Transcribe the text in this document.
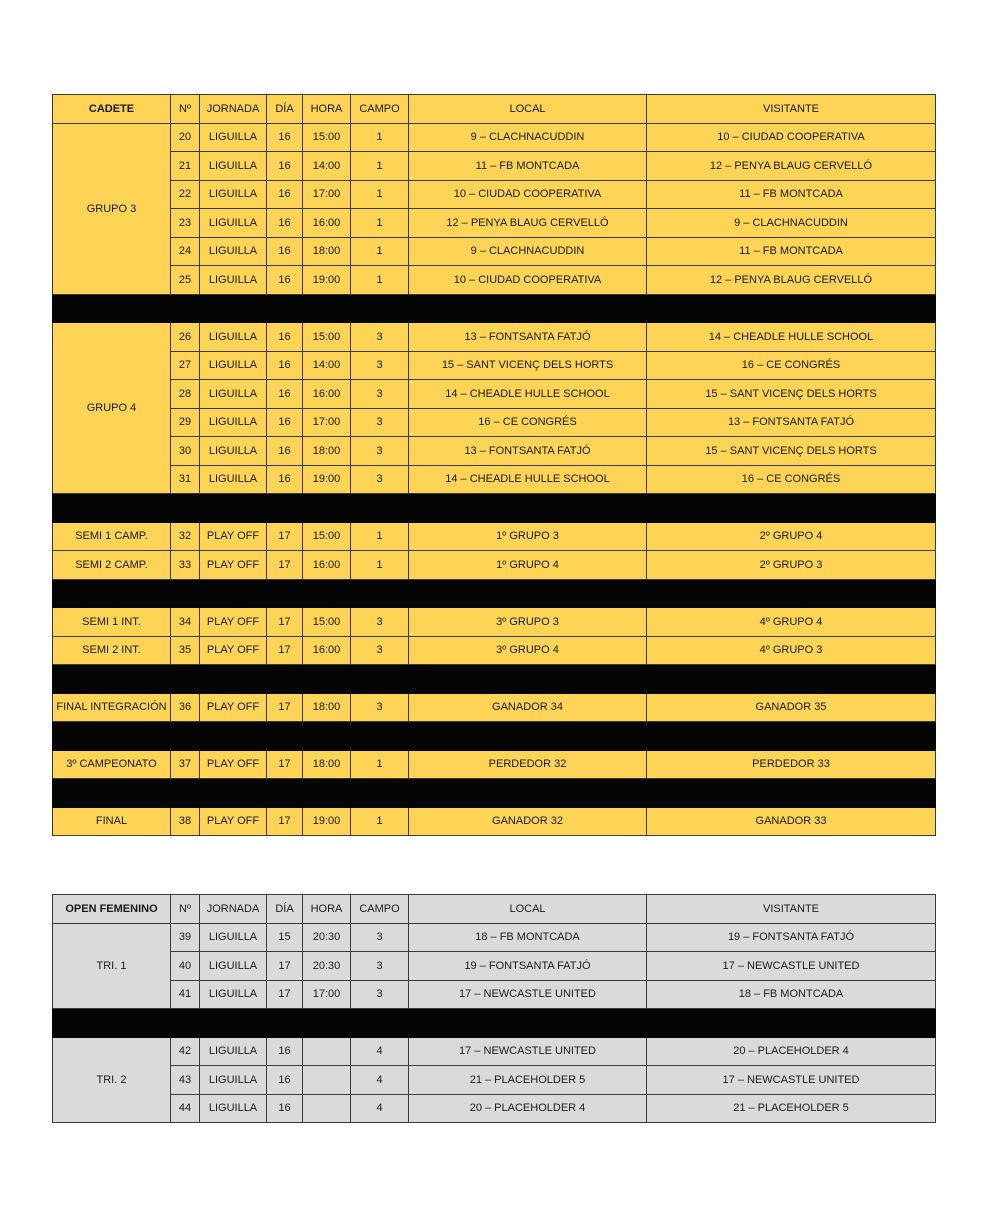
CADETE	Nº	JORNADA	DÍA	HORA	CAMPO	LOCAL	VISITANTE
GRUPO 3	20	LIGUILLA	16	15:00	1	9 – CLACHNACUDDIN	10 – CIUDAD COOPERATIVA
	21	LIGUILLA	16	14:00	1	11 – FB MONTCADA	12 – PENYA BLAUG CERVELLÓ
	22	LIGUILLA	16	17:00	1	10 – CIUDAD COOPERATIVA	11 – FB MONTCADA
	23	LIGUILLA	16	16:00	1	12 – PENYA BLAUG CERVELLÓ	9 – CLACHNACUDDIN
	24	LIGUILLA	16	18:00	1	9 – CLACHNACUDDIN	11 – FB MONTCADA
	25	LIGUILLA	16	19:00	1	10 – CIUDAD COOPERATIVA	12 – PENYA BLAUG CERVELLÓ

GRUPO 4	26	LIGUILLA	16	15:00	3	13 – FONTSANTA FATJÓ	14 – CHEADLE HULLE SCHOOL
	27	LIGUILLA	16	14:00	3	15 – SANT VICENÇ DELS HORTS	16 – CE CONGRÉS
	28	LIGUILLA	16	16:00	3	14 – CHEADLE HULLE SCHOOL	15 – SANT VICENÇ DELS HORTS
	29	LIGUILLA	16	17:00	3	16 – CE CONGRÉS	13 – FONTSANTA FATJÓ
	30	LIGUILLA	16	18:00	3	13 – FONTSANTA FATJÓ	15 – SANT VICENÇ DELS HORTS
	31	LIGUILLA	16	19:00	3	14 – CHEADLE HULLE SCHOOL	16 – CE CONGRÉS

SEMI 1 CAMP.	32	PLAY OFF	17	15:00	1	1º GRUPO 3	2º GRUPO 4
SEMI 2 CAMP.	33	PLAY OFF	17	16:00	1	1º GRUPO 4	2º GRUPO 3

SEMI 1 INT.	34	PLAY OFF	17	15:00	3	3º GRUPO 3	4º GRUPO 4
SEMI 2 INT.	35	PLAY OFF	17	16:00	3	3º GRUPO 4	4º GRUPO 3

FINAL INTEGRACIÓN	36	PLAY OFF	17	18:00	3	GANADOR 34	GANADOR 35

3º CAMPEONATO	37	PLAY OFF	17	18:00	1	PERDEDOR 32	PERDEDOR 33

FINAL	38	PLAY OFF	17	19:00	1	GANADOR 32	GANADOR 33
OPEN FEMENINO	Nº	JORNADA	DÍA	HORA	CAMPO	LOCAL	VISITANTE
TRI. 1	39	LIGUILLA	15	20:30	3	18 – FB MONTCADA	19 – FONTSANTA FATJÓ
	40	LIGUILLA	17	20:30	3	19 – FONTSANTA FATJÓ	17 – NEWCASTLE UNITED
	41	LIGUILLA	17	17:00	3	17 – NEWCASTLE UNITED	18 – FB MONTCADA

TRI. 2	42	LIGUILLA	16		4	17 – NEWCASTLE UNITED	20 – PLACEHOLDER 4
	43	LIGUILLA	16		4	21 – PLACEHOLDER 5	17 – NEWCASTLE UNITED
	44	LIGUILLA	16		4	20 – PLACEHOLDER 4	21 – PLACEHOLDER 5
